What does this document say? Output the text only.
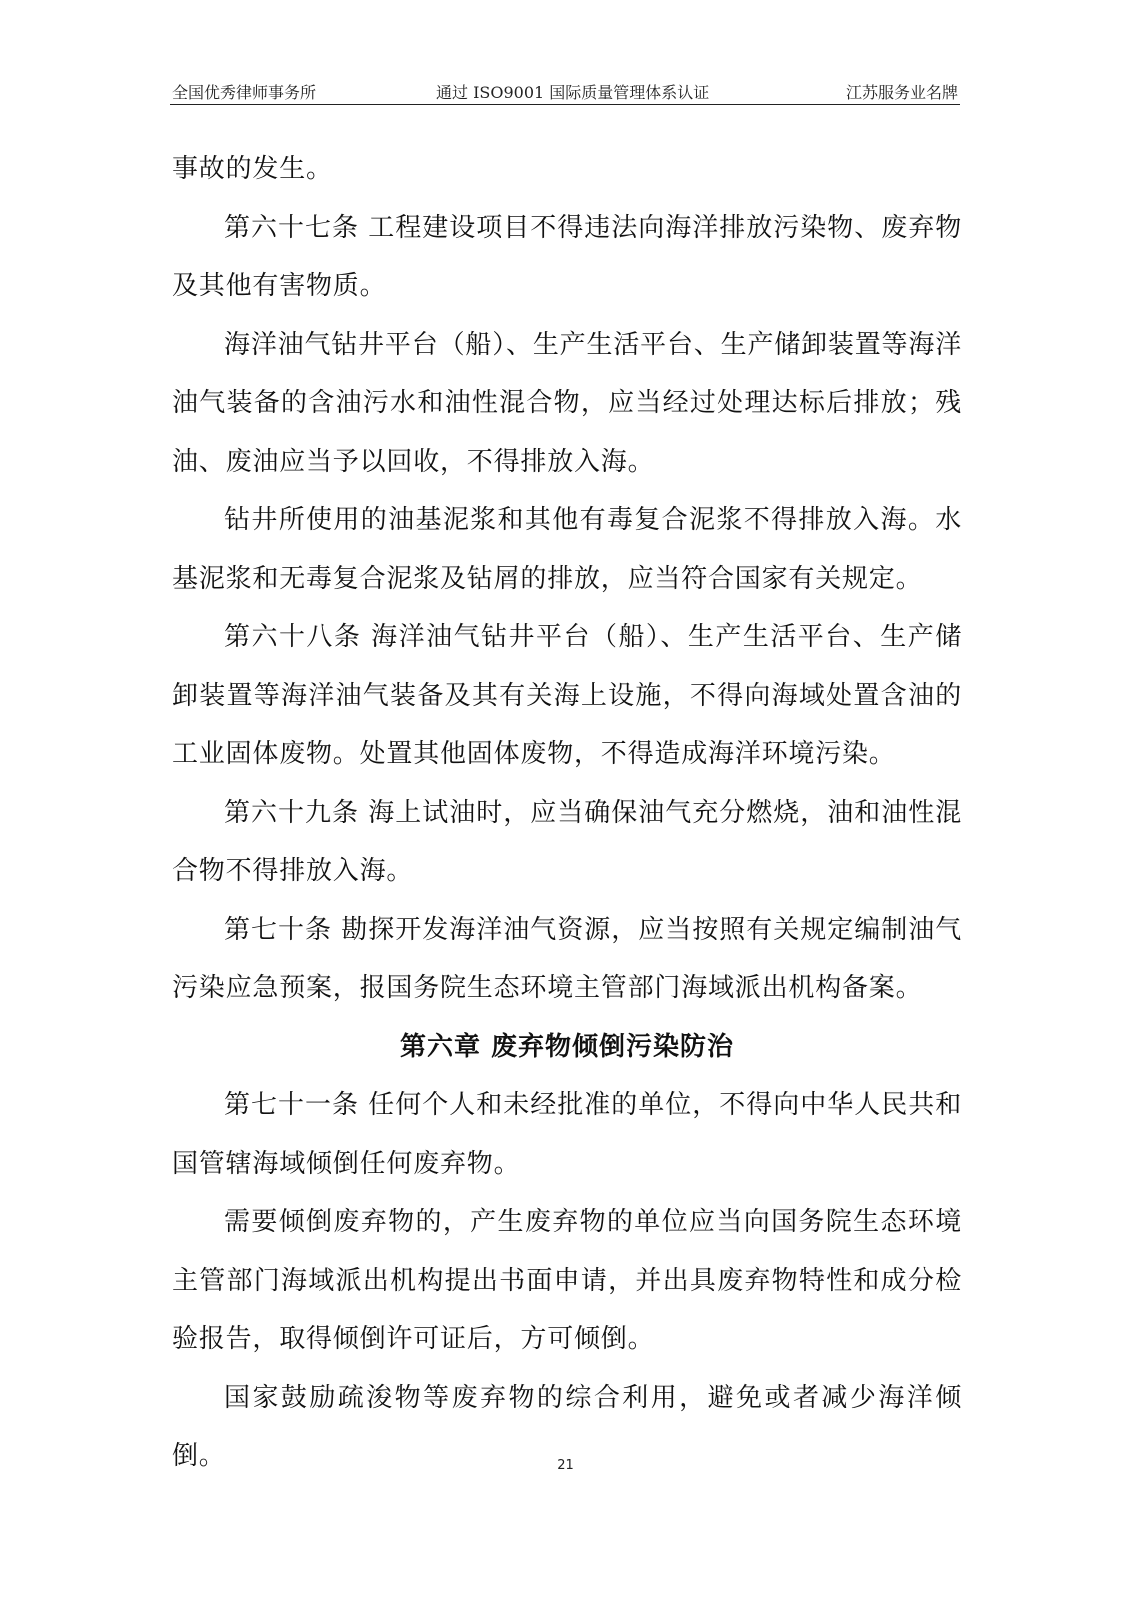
全国优秀律师事务所	通过 ISO9001 国际质量管理体系认证	江苏服务业名牌

事故的发生。

第六十七条 工程建设项目不得违法向海洋排放污染物、废弃物及其他有害物质。

海洋油气钻井平台（船）、生产生活平台、生产储卸装置等海洋油气装备的含油污水和油性混合物，应当经过处理达标后排放；残油、废油应当予以回收，不得排放入海。

钻井所使用的油基泥浆和其他有毒复合泥浆不得排放入海。水基泥浆和无毒复合泥浆及钻屑的排放，应当符合国家有关规定。

第六十八条 海洋油气钻井平台（船）、生产生活平台、生产储卸装置等海洋油气装备及其有关海上设施，不得向海域处置含油的工业固体废物。处置其他固体废物，不得造成海洋环境污染。

第六十九条 海上试油时，应当确保油气充分燃烧，油和油性混合物不得排放入海。

第七十条 勘探开发海洋油气资源，应当按照有关规定编制油气污染应急预案，报国务院生态环境主管部门海域派出机构备案。

第六章 废弃物倾倒污染防治

第七十一条 任何个人和未经批准的单位，不得向中华人民共和国管辖海域倾倒任何废弃物。

需要倾倒废弃物的，产生废弃物的单位应当向国务院生态环境主管部门海域派出机构提出书面申请，并出具废弃物特性和成分检验报告，取得倾倒许可证后，方可倾倒。

国家鼓励疏浚物等废弃物的综合利用，避免或者减少海洋倾倒。	21
